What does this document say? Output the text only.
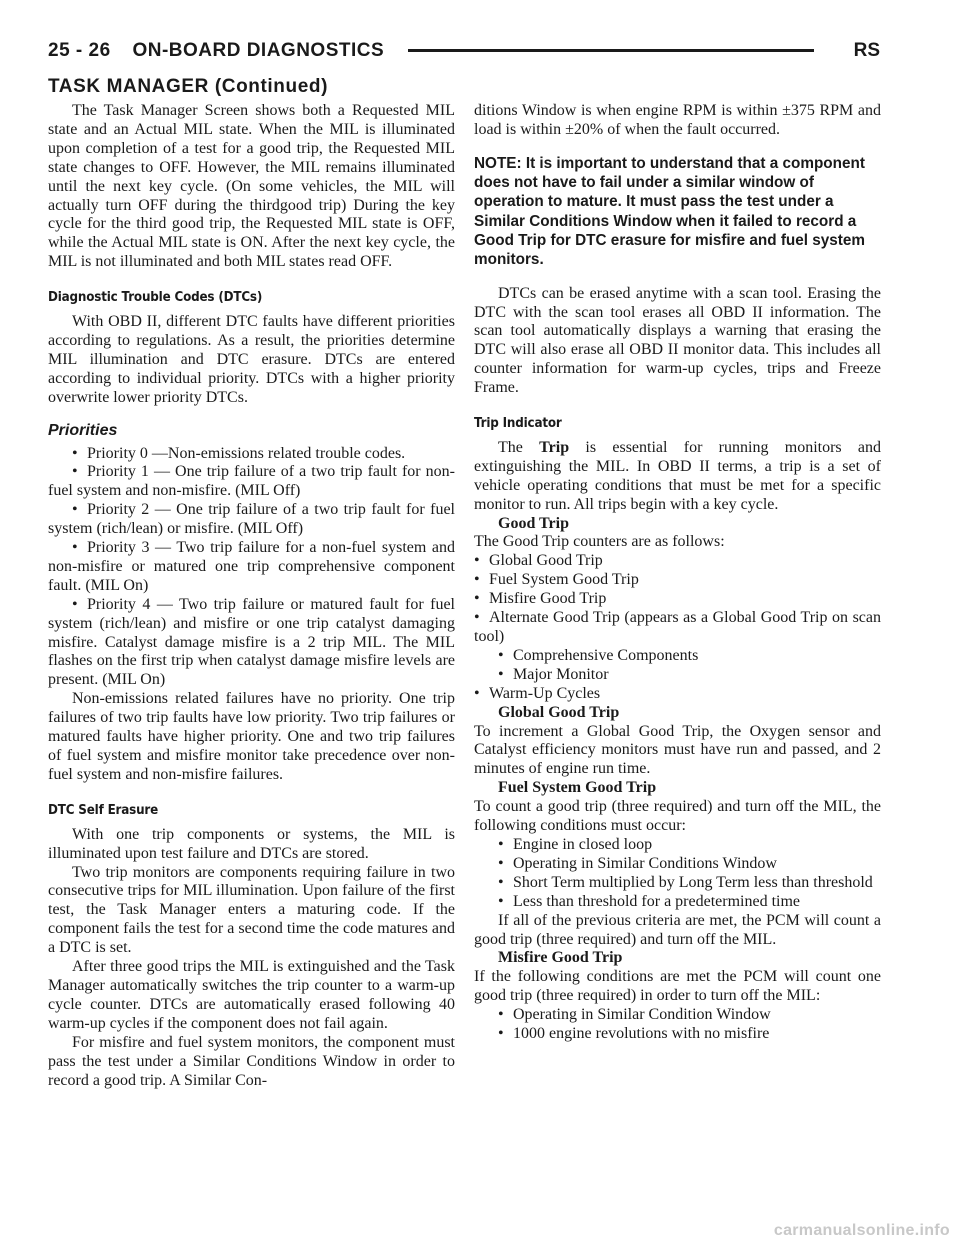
25 - 26 ON-BOARD DIAGNOSTICS	RS
TASK MANAGER (Continued)

The Task Manager Screen shows both a Requested MIL state and an Actual MIL state. When the MIL is illuminated upon completion of a test for a good trip, the Requested MIL state changes to OFF. However, the MIL remains illuminated until the next key cycle. (On some vehicles, the MIL will actually turn OFF during the thirdgood trip) During the key cycle for the third good trip, the Requested MIL state is OFF, while the Actual MIL state is ON. After the next key cycle, the MIL is not illuminated and both MIL states read OFF.

Diagnostic Trouble Codes (DTCs)

With OBD II, different DTC faults have different priorities according to regulations. As a result, the priorities determine MIL illumination and DTC erasure. DTCs are entered according to individual priority. DTCs with a higher priority overwrite lower priority DTCs.

Priorities

• Priority 0 —Non-emissions related trouble codes.

• Priority 1 — One trip failure of a two trip fault for non-fuel system and non-misfire. (MIL Off)

• Priority 2 — One trip failure of a two trip fault for fuel system (rich/lean) or misfire. (MIL Off)

• Priority 3 — Two trip failure for a non-fuel system and non-misfire or matured one trip comprehensive component fault. (MIL On)

• Priority 4 — Two trip failure or matured fault for fuel system (rich/lean) and misfire or one trip catalyst damaging misfire. Catalyst damage misfire is a 2 trip MIL. The MIL flashes on the first trip when catalyst damage misfire levels are present. (MIL On)

Non-emissions related failures have no priority. One trip failures of two trip faults have low priority. Two trip failures or matured faults have higher priority. One and two trip failures of fuel system and misfire monitor take precedence over non-fuel system and non-misfire failures.

DTC Self Erasure

With one trip components or systems, the MIL is illuminated upon test failure and DTCs are stored.

Two trip monitors are components requiring failure in two consecutive trips for MIL illumination. Upon failure of the first test, the Task Manager enters a maturing code. If the component fails the test for a second time the code matures and a DTC is set.

After three good trips the MIL is extinguished and the Task Manager automatically switches the trip counter to a warm-up cycle counter. DTCs are automatically erased following 40 warm-up cycles if the component does not fail again.

For misfire and fuel system monitors, the component must pass the test under a Similar Conditions Window in order to record a good trip. A Similar Con-

ditions Window is when engine RPM is within ±375 RPM and load is within ±20% of when the fault occurred.

NOTE: It is important to understand that a component does not have to fail under a similar window of operation to mature. It must pass the test under a Similar Conditions Window when it failed to record a Good Trip for DTC erasure for misfire and fuel system monitors.

DTCs can be erased anytime with a scan tool. Erasing the DTC with the scan tool erases all OBD II information. The scan tool automatically displays a warning that erasing the DTC will also erase all OBD II monitor data. This includes all counter information for warm-up cycles, trips and Freeze Frame.

Trip Indicator

The Trip is essential for running monitors and extinguishing the MIL. In OBD II terms, a trip is a set of vehicle operating conditions that must be met for a specific monitor to run. All trips begin with a key cycle.

Good Trip

The Good Trip counters are as follows:

• Global Good Trip

• Fuel System Good Trip

• Misfire Good Trip

• Alternate Good Trip (appears as a Global Good Trip on scan tool)

• Comprehensive Components

• Major Monitor

• Warm-Up Cycles

Global Good Trip

To increment a Global Good Trip, the Oxygen sensor and Catalyst efficiency monitors must have run and passed, and 2 minutes of engine run time.

Fuel System Good Trip

To count a good trip (three required) and turn off the MIL, the following conditions must occur:

• Engine in closed loop

• Operating in Similar Conditions Window

• Short Term multiplied by Long Term less than threshold

• Less than threshold for a predetermined time

If all of the previous criteria are met, the PCM will count a good trip (three required) and turn off the MIL.

Misfire Good Trip

If the following conditions are met the PCM will count one good trip (three required) in order to turn off the MIL:

• Operating in Similar Condition Window

• 1000 engine revolutions with no misfire

carmanualsonline.info
